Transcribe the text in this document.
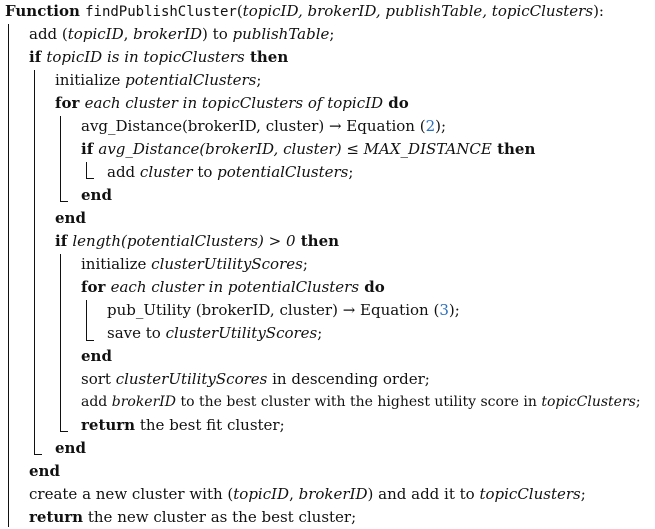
Function findPublishCluster(topicID, brokerID, publishTable, topicClusters):
add (topicID, brokerID) to publishTable;
if topicID is in topicClusters then
initialize potentialClusters;
for each cluster in topicClusters of topicID do
avg_Distance(brokerID, cluster) → Equation (2);
if avg_Distance(brokerID, cluster) ≤ MAX_DISTANCE then
add cluster to potentialClusters;
end
end
if length(potentialClusters) > 0 then
initialize clusterUtilityScores;
for each cluster in potentialClusters do
pub_Utility (brokerID, cluster) → Equation (3);
save to clusterUtilityScores;
end
sort clusterUtilityScores in descending order;
add brokerID to the best cluster with the highest utility score in topicClusters;
return the best fit cluster;
end
end
create a new cluster with (topicID, brokerID) and add it to topicClusters;
return the new cluster as the best cluster;
